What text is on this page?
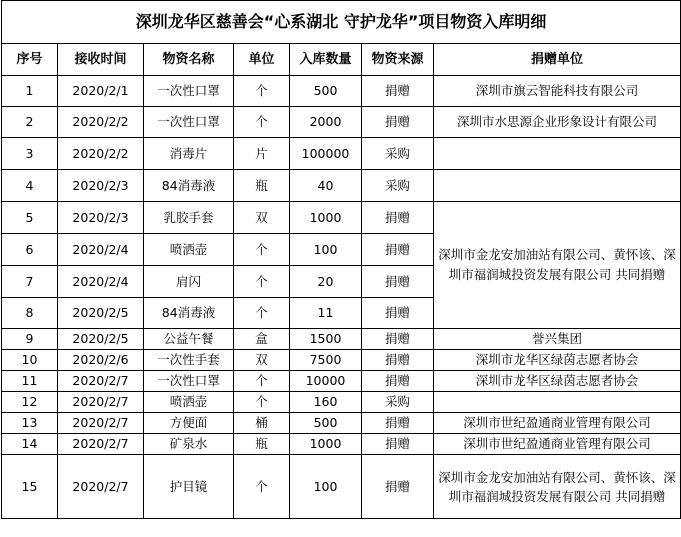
深圳龙华区慈善会“心系湖北 守护龙华”项目物资入库明细						
序号	接收时间	物资名称	单位	入库数量	物资来源	捐赠单位
1	2020/2/1	一次性口罩	个	500	捐赠	深圳市旗云智能科技有限公司
2	2020/2/2	一次性口罩	个	2000	捐赠	深圳市水思源企业形象设计有限公司
3	2020/2/2	消毒片	片	100000	采购	
4	2020/2/3	84消毒液	瓶	40	采购	
5	2020/2/3	乳胶手套	双	1000	捐赠	深圳市金龙安加油站有限公司、黄怀该、深圳市福润城投资发展有限公司 共同捐赠
6	2020/2/4	喷洒壶	个	100	捐赠	
7	2020/2/4	肩闪	个	20	捐赠	
8	2020/2/5	84消毒液	个	11	捐赠	
9	2020/2/5	公益午餐	盒	1500	捐赠	誉兴集团
10	2020/2/6	一次性手套	双	7500	捐赠	深圳市龙华区绿茵志愿者协会
11	2020/2/7	一次性口罩	个	10000	捐赠	深圳市龙华区绿茵志愿者协会
12	2020/2/7	喷洒壶	个	160	采购	
13	2020/2/7	方便面	桶	500	捐赠	深圳市世纪盈通商业管理有限公司
14	2020/2/7	矿泉水	瓶	1000	捐赠	深圳市世纪盈通商业管理有限公司
15	2020/2/7	护目镜	个	100	捐赠	深圳市金龙安加油站有限公司、黄怀该、深圳市福润城投资发展有限公司 共同捐赠
